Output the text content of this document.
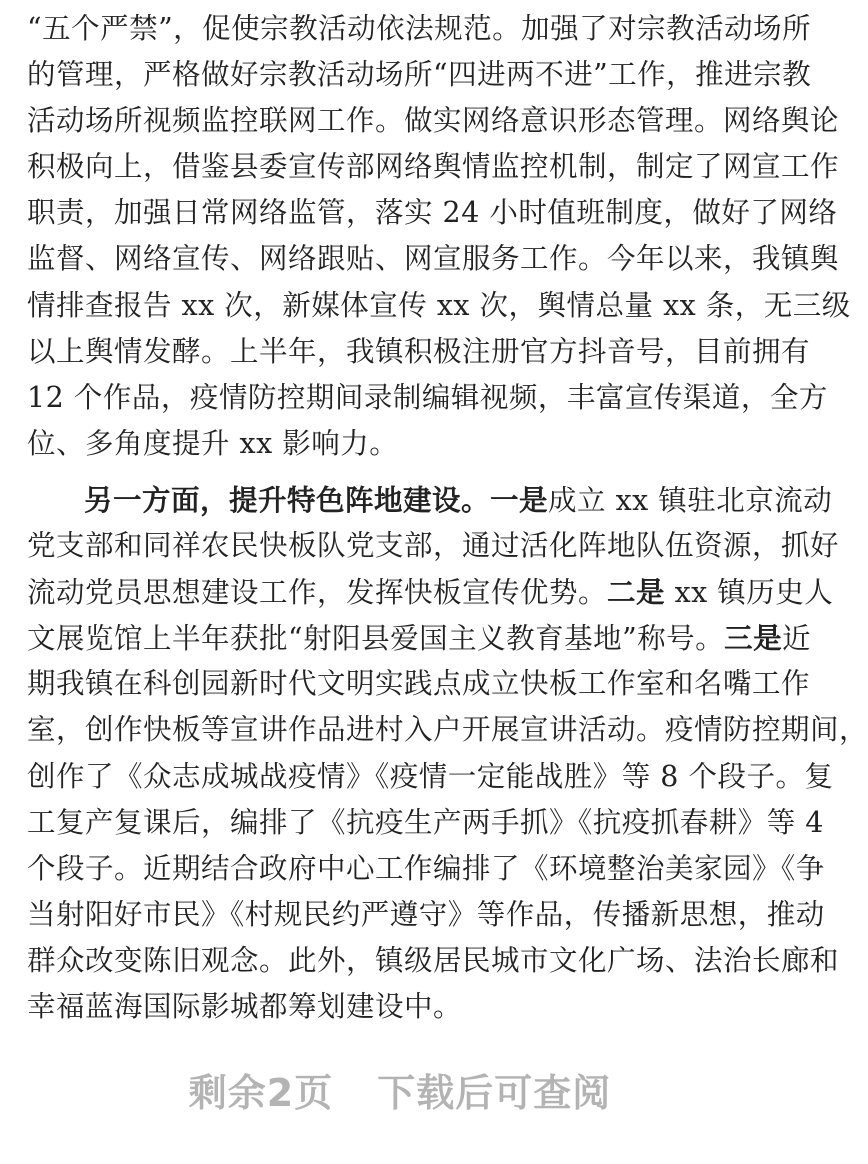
“五个严禁”，促使宗教活动依法规范。加强了对宗教活动场所
的管理，严格做好宗教活动场所“四进两不进”工作，推进宗教
活动场所视频监控联网工作。做实网络意识形态管理。网络舆论
积极向上，借鉴县委宣传部网络舆情监控机制，制定了网宣工作
职责，加强日常网络监管，落实 24 小时值班制度，做好了网络
监督、网络宣传、网络跟贴、网宣服务工作。今年以来，我镇舆
情排查报告 xx 次，新媒体宣传 xx 次，舆情总量 xx 条，无三级
以上舆情发酵。上半年，我镇积极注册官方抖音号，目前拥有
12 个作品，疫情防控期间录制编辑视频，丰富宣传渠道，全方
位、多角度提升 xx 影响力。
另一方面，提升特色阵地建设。一是成立 xx 镇驻北京流动
党支部和同祥农民快板队党支部，通过活化阵地队伍资源，抓好
流动党员思想建设工作，发挥快板宣传优势。二是 xx 镇历史人
文展览馆上半年获批“射阳县爱国主义教育基地”称号。三是近
期我镇在科创园新时代文明实践点成立快板工作室和名嘴工作
室，创作快板等宣讲作品进村入户开展宣讲活动。疫情防控期间，
创作了《众志成城战疫情》《疫情一定能战胜》等 8 个段子。复
工复产复课后，编排了《抗疫生产两手抓》《抗疫抓春耕》等 4
个段子。近期结合政府中心工作编排了《环境整治美家园》《争
当射阳好市民》《村规民约严遵守》等作品，传播新思想，推动
群众改变陈旧观念。此外，镇级居民城市文化广场、法治长廊和
幸福蓝海国际影城都筹划建设中。
剩余2页 下载后可查阅
